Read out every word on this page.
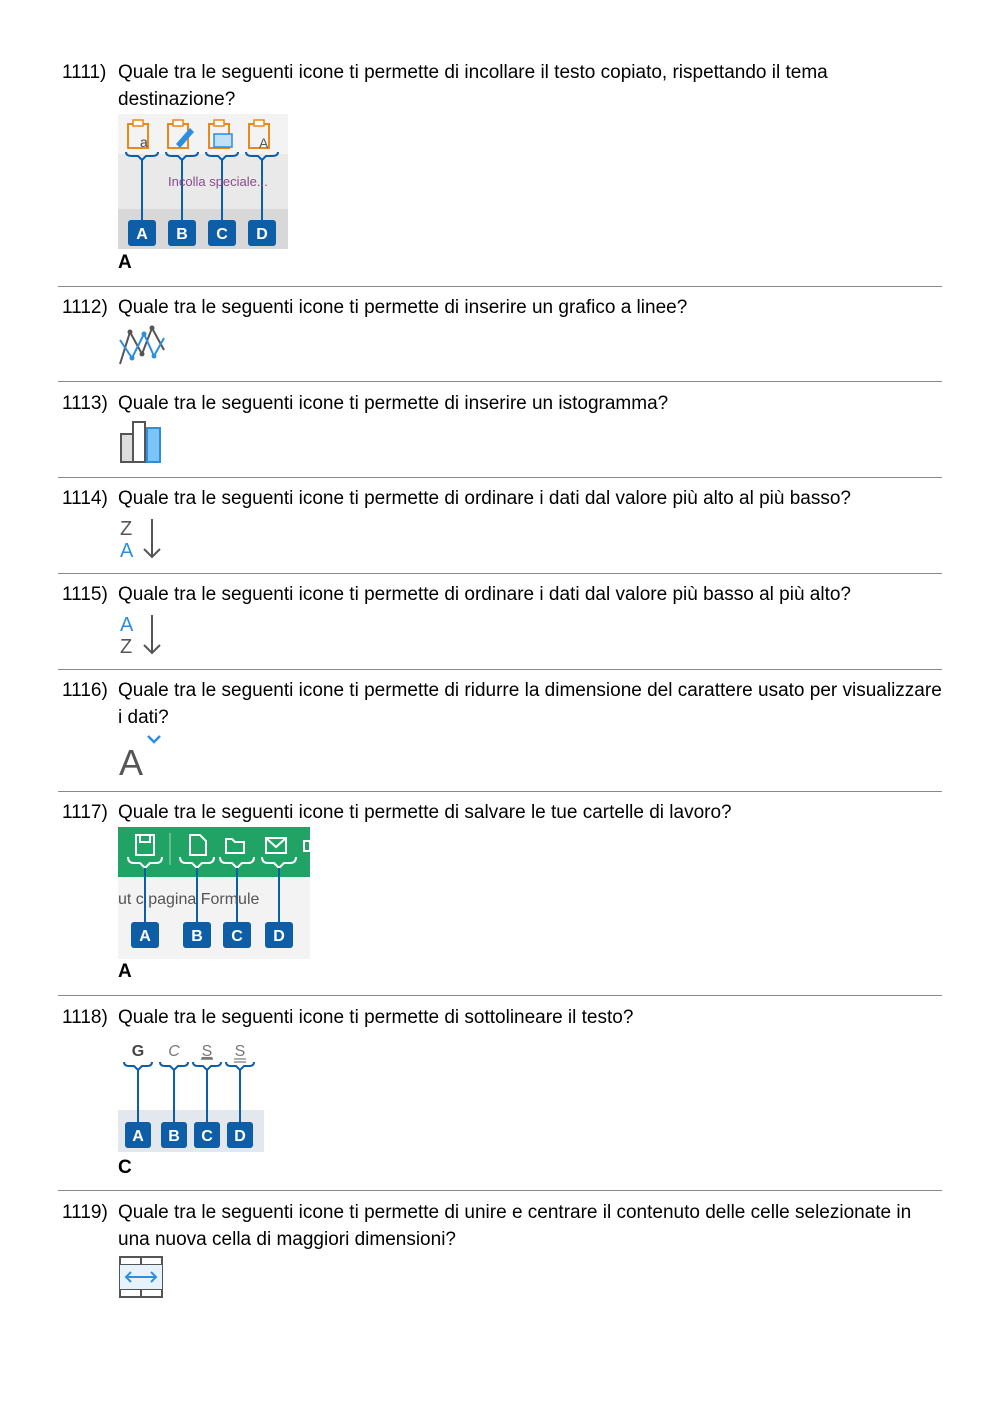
1111) Quale tra le seguenti icone ti permette di incollare il testo copiato, rispettando il tema destinazione?
a	A
Incolla speciale...
A B C D
A
1112) Quale tra le seguenti icone ti permette di inserire un grafico a linee?
1113) Quale tra le seguenti icone ti permette di inserire un istogramma?
1114) Quale tra le seguenti icone ti permette di ordinare i dati dal valore più alto al più basso?
Z
A
1115) Quale tra le seguenti icone ti permette di ordinare i dati dal valore più basso al più alto?
A
Z
1116) Quale tra le seguenti icone ti permette di ridurre la dimensione del carattere usato per visualizzare i dati?
A
1117) Quale tra le seguenti icone ti permette di salvare le tue cartelle di lavoro?
ut c pagina Formule
A	B C D
A
1118) Quale tra le seguenti icone ti permette di sottolineare il testo?
G C S S
A B C D
C
1119) Quale tra le seguenti icone ti permette di unire e centrare il contenuto delle celle selezionate in una nuova cella di maggiori dimensioni?
